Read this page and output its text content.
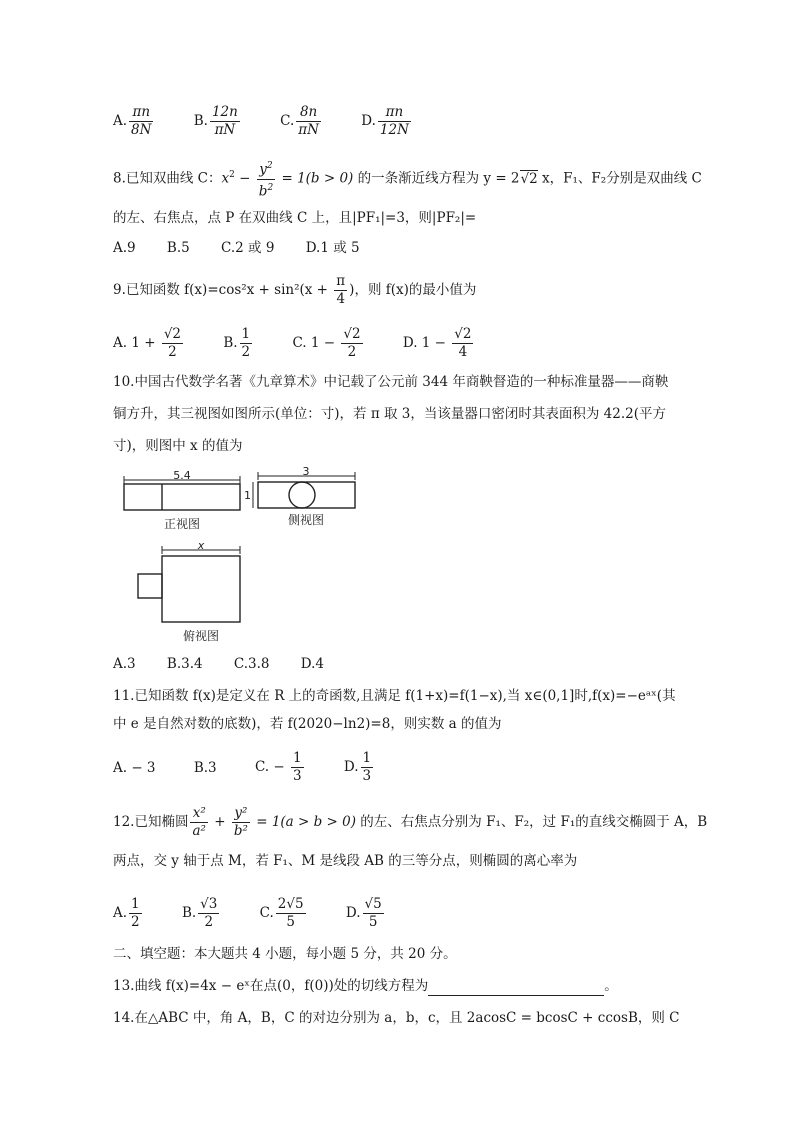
A. $\frac{\pi n}{8N}$	B. $\frac{12n}{\pi N}$	C. $\frac{8n}{\pi N}$	D. $\frac{\pi n}{12N}$
8.已知双曲线 C：$x^2 - \frac{y^2}{b^2} = 1(b > 0)$ 的一条渐近线方程为 y = 2√2 x，F₁、F₂分别是双曲线 C
的左、右焦点，点 P 在双曲线 C 上，且|PF₁|=3，则|PF₂|=
A.9　　 B.5　　 C.2 或 9　　 D.1 或 5
9.已知函数 $f(x)=\cos^2x + \sin^2(x + \frac{\pi}{4}$ )，则 f(x)的最小值为
A. $1 + \frac{√2}{2}$	B. $\frac{1}{2}$	C. $1 - \frac{√2}{2}$	D. $1 - \frac{√2}{4}$
10.中国古代数学名著《九章算术》中记载了公元前 344 年商鞅督造的一种标准量器——商鞅
铜方升，其三视图如图所示(单位：寸)，若 π 取 3，当该量器口密闭时其表面积为 42.2(平方
寸)，则图中 x 的值为
5.4
正视图
3
1
侧视图
x
俯视图
A.3　　 B.3.4　　 C.3.8　　 D.4
11.已知函数 f(x)是定义在 R 上的奇函数,且满足 f(1+x)=f(1−x),当 x∈(0,1]时,f(x)=−eᵃˣ(其
中 e 是自然对数的底数)，若 f(2020−ln2)=8，则实数 a 的值为
A. − 3	B.3	C. − $\frac{1}{3}$	D. $\frac{1}{3}$
12.已知椭圆 $\frac{\text{x²}}{\text{a²}} + \frac{\text{y²}}{\text{b²}} = 1(a > b > 0)$ 的左、右焦点分别为 F₁、F₂，过 F₁的直线交椭圆于 A，B
两点，交 y 轴于点 M，若 F₁、M 是线段 AB 的三等分点，则椭圆的离心率为
A. $\frac{1}{2}$	B. $\frac{√3}{2}$	C. $\frac{2√5}{5}$	D. $\frac{√5}{5}$
二、填空题：本大题共 4 小题，每小题 5 分，共 20 分。
13.曲线 f(x)=4x − eˣ在点(0，f(0))处的切线方程为	。
14.在△ABC 中，角 A，B，C 的对边分别为 a，b，c，且 2acosC = bcosC + ccosB，则 C
